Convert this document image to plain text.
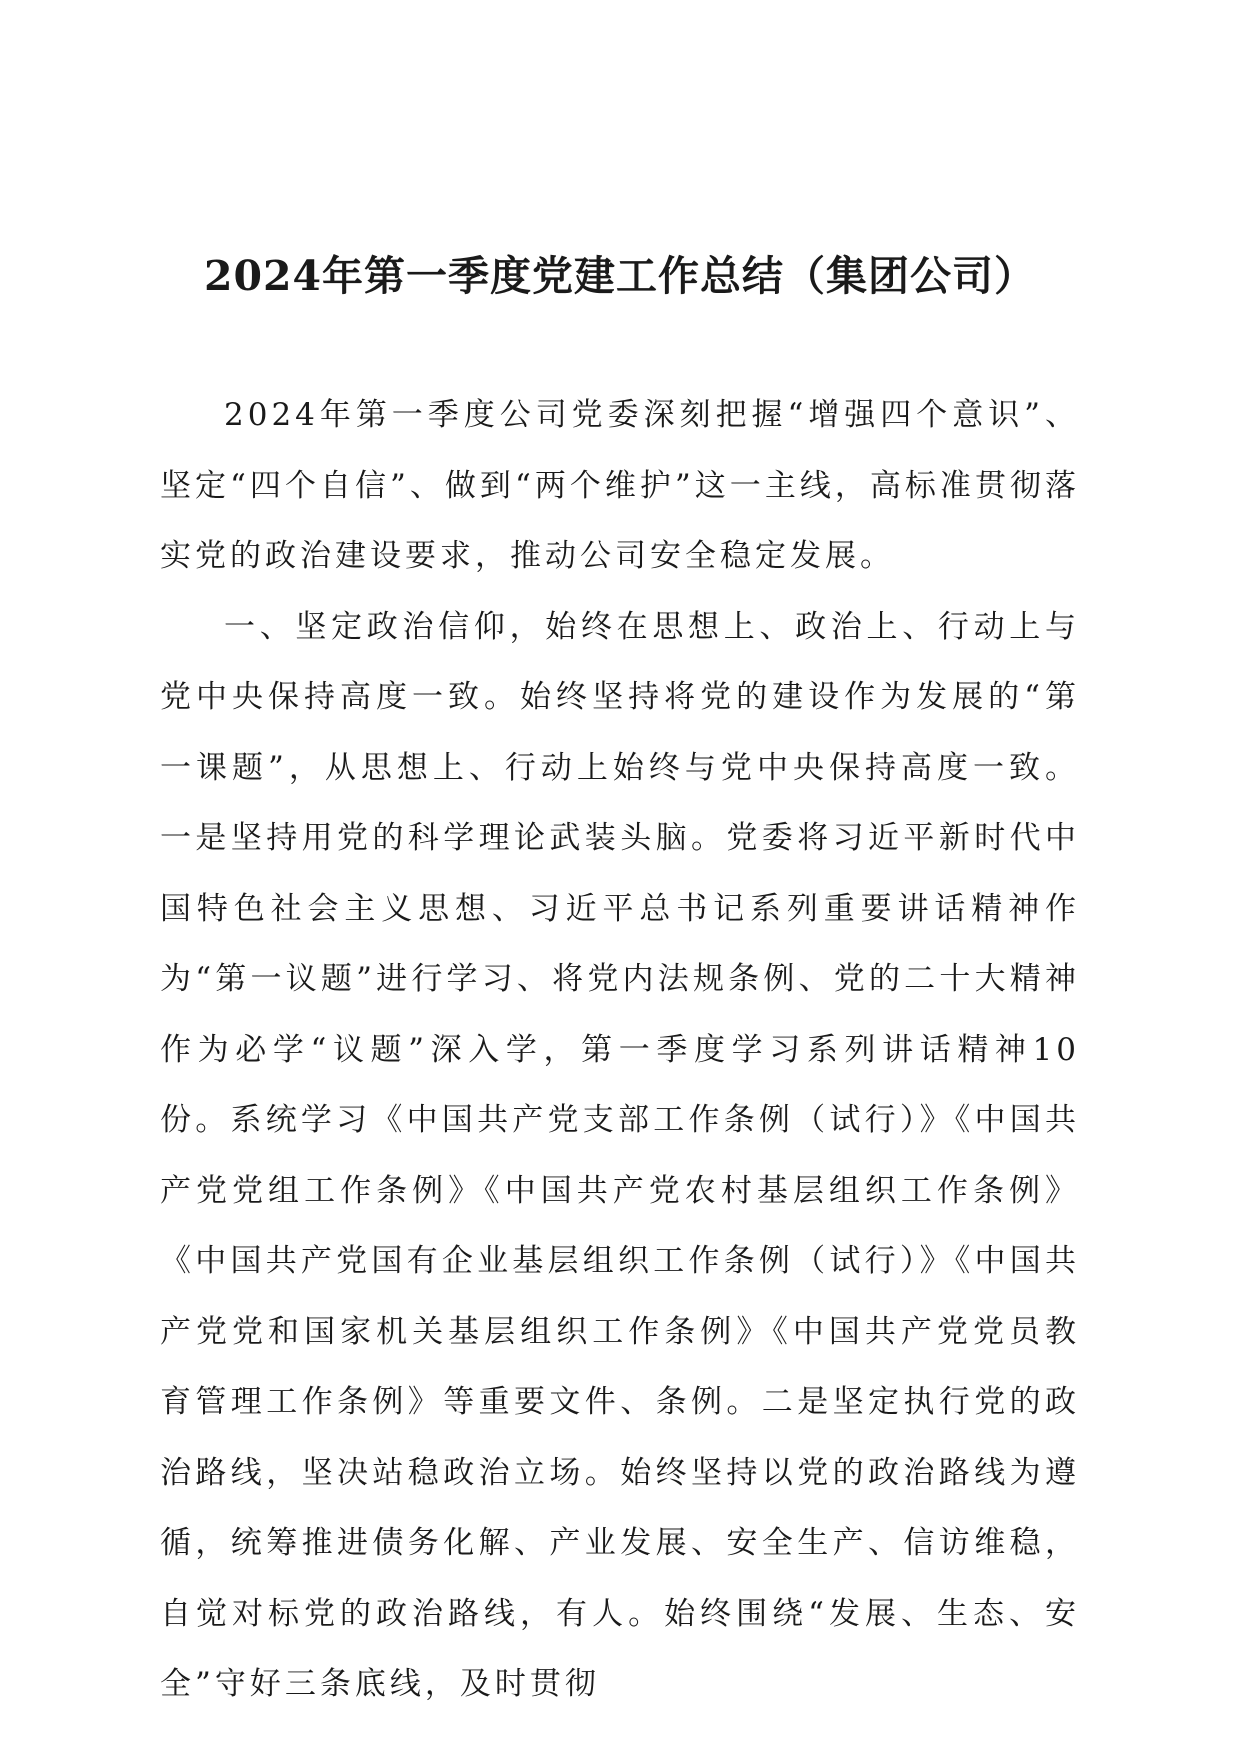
2024年第一季度党建工作总结（集团公司）

2024年第一季度公司党委深刻把握“增强四个意识”、坚定“四个自信”、做到“两个维护”这一主线，高标准贯彻落实党的政治建设要求，推动公司安全稳定发展。

一、坚定政治信仰，始终在思想上、政治上、行动上与党中央保持高度一致。始终坚持将党的建设作为发展的“第一课题”，从思想上、行动上始终与党中央保持高度一致。一是坚持用党的科学理论武装头脑。党委将习近平新时代中国特色社会主义思想、习近平总书记系列重要讲话精神作为“第一议题”进行学习、将党内法规条例、党的二十大精神作为必学“议题”深入学，第一季度学习系列讲话精神10份。系统学习《中国共产党支部工作条例（试行）》《中国共产党党组工作条例》《中国共产党农村基层组织工作条例》《中国共产党国有企业基层组织工作条例（试行）》《中国共产党党和国家机关基层组织工作条例》《中国共产党党员教育管理工作条例》等重要文件、条例。二是坚定执行党的政治路线，坚决站稳政治立场。始终坚持以党的政治路线为遵循，统筹推进债务化解、产业发展、安全生产、信访维稳，自觉对标党的政治路线，有人。始终围绕“发展、生态、安全”守好三条底线，及时贯彻
